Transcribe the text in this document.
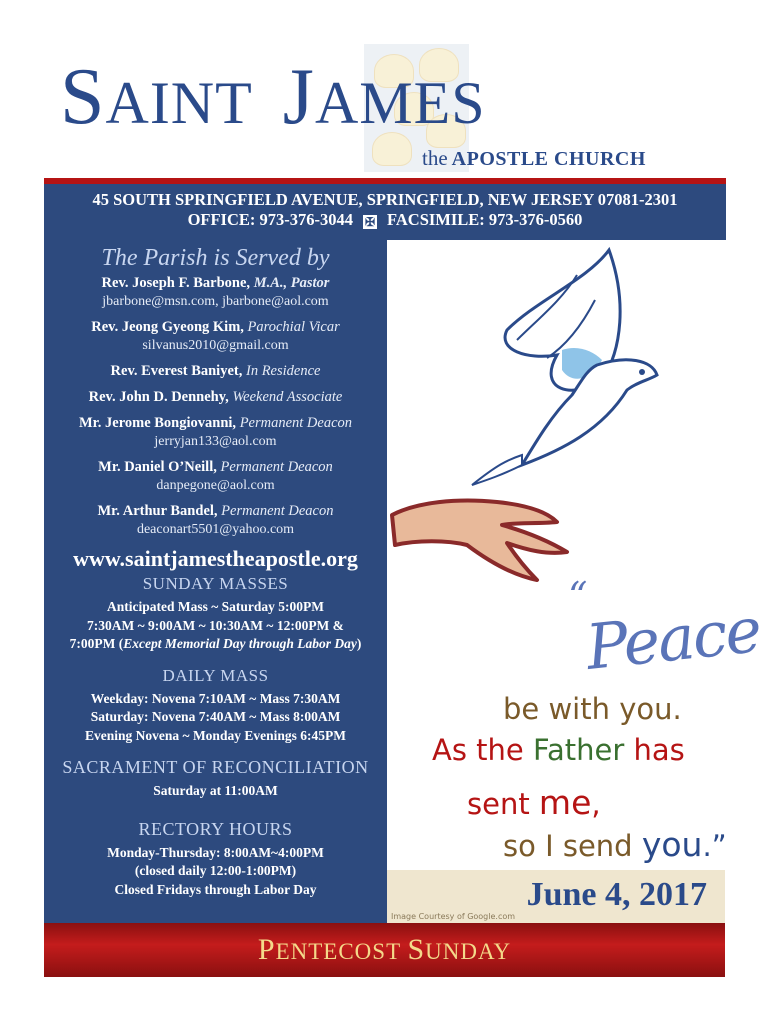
SAINT JAMES
the APOSTLE CHURCH
45 SOUTH SPRINGFIELD AVENUE, SPRINGFIELD, NEW JERSEY 07081-2301
OFFICE: 973-376-3044 ✠ FACSIMILE: 973-376-0560
The Parish is Served by
Rev. Joseph F. Barbone, M.A., Pastor
jbarbone@msn.com, jbarbone@aol.com
Rev. Jeong Gyeong Kim, Parochial Vicar
silvanus2010@gmail.com
Rev. Everest Baniyet, In Residence
Rev. John D. Dennehy, Weekend Associate
Mr. Jerome Bongiovanni, Permanent Deacon
jerryjan133@aol.com
Mr. Daniel O’Neill, Permanent Deacon
danpegone@aol.com
Mr. Arthur Bandel, Permanent Deacon
deaconart5501@yahoo.com
www.saintjamestheapostle.org
SUNDAY MASSES
Anticipated Mass ~ Saturday 5:00PM
7:30AM ~ 9:00AM ~ 10:30AM ~ 12:00PM &
7:00PM (Except Memorial Day through Labor Day)
DAILY MASS
Weekday: Novena 7:10AM ~ Mass 7:30AM
Saturday: Novena 7:40AM ~ Mass 8:00AM
Evening Novena ~ Monday Evenings 6:45PM
SACRAMENT OF RECONCILIATION
Saturday at 11:00AM
RECTORY HOURS
Monday-Thursday: 8:00AM~4:00PM
(closed daily 12:00-1:00PM)
Closed Fridays through Labor Day
“
Peace
be with you.
As the Father has
sent me,
so I send you.”
Image Courtesy of Google.com
June 4, 2017
PENTECOST SUNDAY
